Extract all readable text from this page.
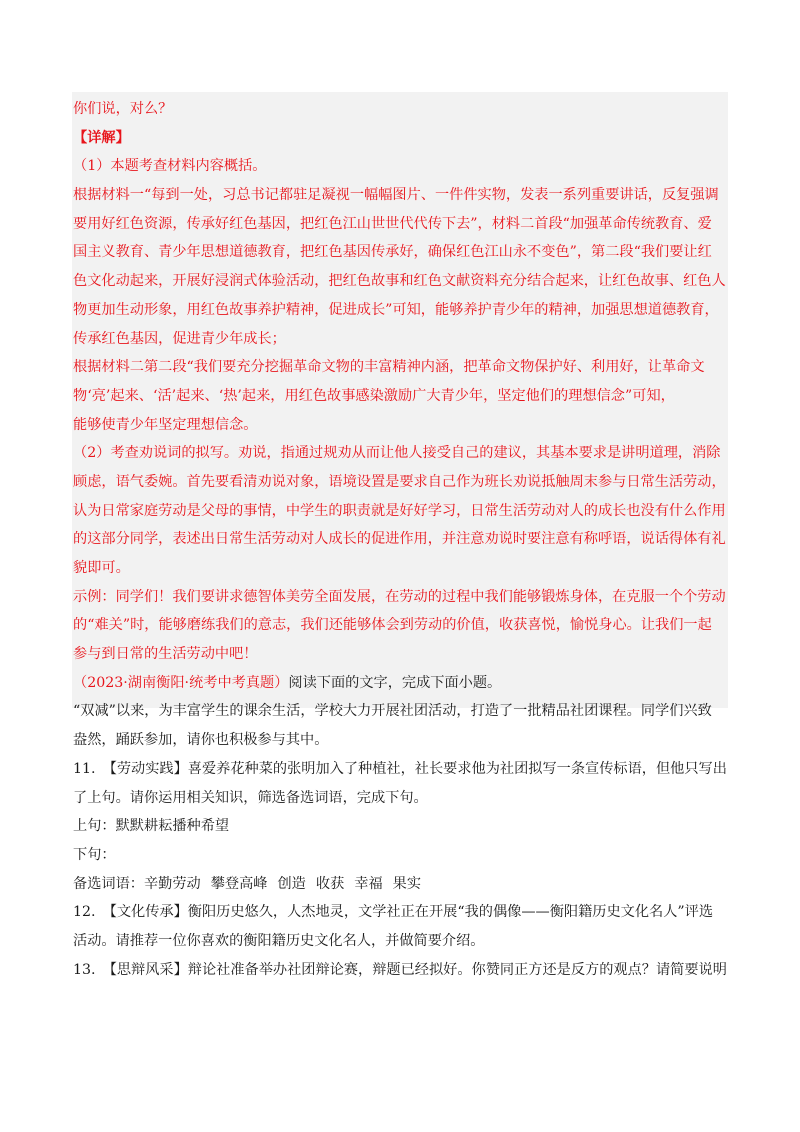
你们说，对么？
【详解】
（1）本题考查材料内容概括。
根据材料一“每到一处，习总书记都驻足凝视一幅幅图片、一件件实物，发表一系列重要讲话，反复强调
要用好红色资源，传承好红色基因，把红色江山世世代代传下去”，材料二首段“加强革命传统教育、爱
国主义教育、青少年思想道德教育，把红色基因传承好，确保红色江山永不变色”，第二段“我们要让红
色文化动起来，开展好浸润式体验活动，把红色故事和红色文献资料充分结合起来，让红色故事、红色人
物更加生动形象，用红色故事养护精神，促进成长”可知，能够养护青少年的精神，加强思想道德教育，
传承红色基因，促进青少年成长；
根据材料二第二段“我们要充分挖掘革命文物的丰富精神内涵，把革命文物保护好、利用好，让革命文
物‘亮’起来、‘活’起来、‘热’起来，用红色故事感染激励广大青少年，坚定他们的理想信念”可知，
能够使青少年坚定理想信念。
（2）考查劝说词的拟写。劝说，指通过规劝从而让他人接受自己的建议，其基本要求是讲明道理，消除
顾虑，语气委婉。首先要看清劝说对象，语境设置是要求自己作为班长劝说抵触周末参与日常生活劳动，
认为日常家庭劳动是父母的事情，中学生的职责就是好好学习，日常生活劳动对人的成长也没有什么作用
的这部分同学，表述出日常生活劳动对人成长的促进作用，并注意劝说时要注意有称呼语，说话得体有礼
貌即可。
示例：同学们！我们要讲求德智体美劳全面发展，在劳动的过程中我们能够锻炼身体，在克服一个个劳动
的“难关”时，能够磨练我们的意志，我们还能够体会到劳动的价值，收获喜悦，愉悦身心。让我们一起
参与到日常的生活劳动中吧！
（2023·湖南衡阳·统考中考真题）阅读下面的文字，完成下面小题。
“双减”以来，为丰富学生的课余生活，学校大力开展社团活动，打造了一批精品社团课程。同学们兴致
盎然，踊跃参加，请你也积极参与其中。
11.　【劳动实践】喜爱养花种菜的张明加入了种植社，社长要求他为社团拟写一条宣传标语，但他只写出
了上句。请你运用相关知识，筛选备选词语，完成下句。
上句：默默耕耘播种希望
下句：
备选词语：辛勤劳动 攀登高峰 创造 收获 幸福 果实
12.　【文化传承】衡阳历史悠久，人杰地灵，文学社正在开展“我的偶像——衡阳籍历史文化名人”评选
活动。请推荐一位你喜欢的衡阳籍历史文化名人，并做简要介绍。
13.　【思辩风采】辩论社准备举办社团辩论赛，辩题已经拟好。你赞同正方还是反方的观点？请简要说明
